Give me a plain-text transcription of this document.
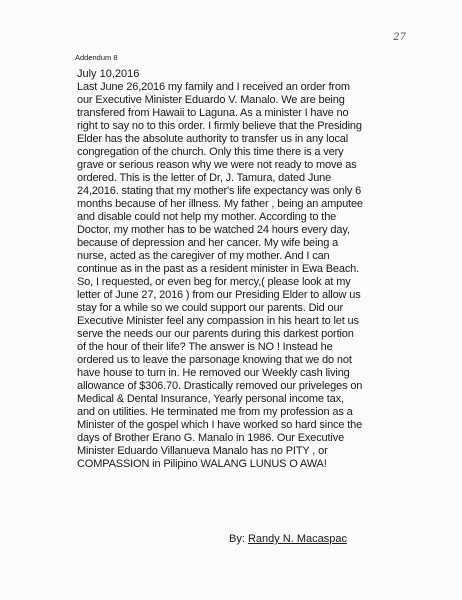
27
Addendum 8
July 10,2016
Last June 26,2016 my family and I received an order from
our Executive Minister Eduardo V. Manalo. We are being
transfered from Hawaii to Laguna. As a minister I have no
right to say no to this order. I firmly believe that the Presiding
Elder has the absolute authority to transfer us in any local
congregation of the church. Only this time there is a very
grave or serious reason why we were not ready to move as
ordered. This is the letter of Dr, J. Tamura, dated June
24,2016. stating that my mother's life expectancy was only 6
months because of her illness. My father , being an amputee
and disable could not help my mother. According to the
Doctor, my mother has to be watched 24 hours every day,
because of depression and her cancer. My wife being a
nurse, acted as the caregiver of my mother. And I can
continue as in the past as a resident minister in Ewa Beach.
So, I requested, or even beg for mercy,( please look at my
letter of June 27, 2016 ) from our Presiding Elder to allow us
stay for a while so we could support our parents. Did our
Executive Minister feel any compassion in his heart to let us
serve the needs our our parents during this darkest portion
of the hour of their life? The answer is NO ! Instead he
ordered us to leave the parsonage knowing that we do not
have house to turn in. He removed our Weekly cash living
allowance of $306.70. Drastically removed our priveleges on
Medical & Dental Insurance, Yearly personal income tax,
and on utilities. He terminated me from my profession as a
Minister of the gospel which I have worked so hard since the
days of Brother Erano G. Manalo in 1986. Our Executive
Minister Eduardo Villanueva Manalo has no PITY , or
COMPASSION in Pilipino WALANG LUNUS O AWA!
By: Randy N. Macaspac
